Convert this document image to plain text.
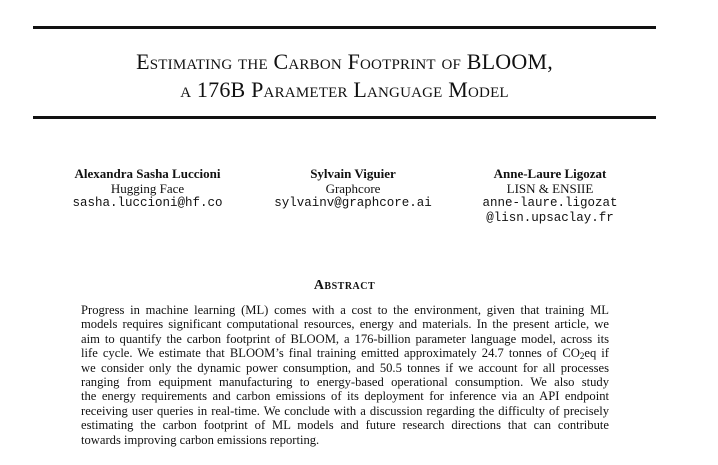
Estimating the Carbon Footprint of BLOOM,
a 176B Parameter Language Model
Alexandra Sasha Luccioni
Hugging Face
sasha.luccioni@hf.co
Sylvain Viguier
Graphcore
sylvainv@graphcore.ai
Anne-Laure Ligozat
LISN & ENSIIE
anne-laure.ligozat
@lisn.upsaclay.fr
Abstract

Progress in machine learning (ML) comes with a cost to the environment, given that training ML
models requires significant computational resources, energy and materials. In the present article, we
aim to quantify the carbon footprint of BLOOM, a 176-billion parameter language model, across its
life cycle. We estimate that BLOOM’s final training emitted approximately 24.7 tonnes of $CO_2eq$ if
we consider only the dynamic power consumption, and 50.5 tonnes if we account for all processes
ranging from equipment manufacturing to energy-based operational consumption. We also study
the energy requirements and carbon emissions of its deployment for inference via an API endpoint
receiving user queries in real-time. We conclude with a discussion regarding the difficulty of precisely
estimating the carbon footprint of ML models and future research directions that can contribute
towards improving carbon emissions reporting.
